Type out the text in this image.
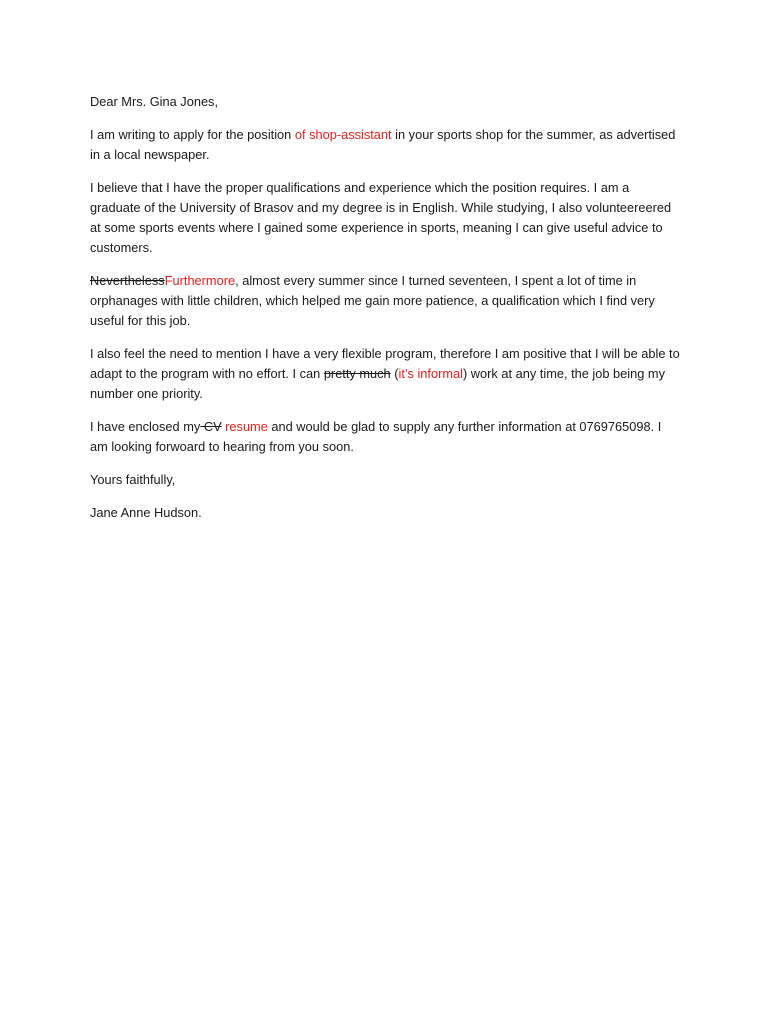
Dear Mrs. Gina Jones,

I am writing to apply for the position of shop-assistant in your sports shop for the summer, as advertised in a local newspaper.

I believe that I have the proper qualifications and experience which the position requires. I am a graduate of the University of Brasov and my degree is in English. While studying, I also volunteereered at some sports events where I gained some experience in sports, meaning I can give useful advice to customers.

NeverthelessFurthermore, almost every summer since I turned seventeen, I spent a lot of time in orphanages with little children, which helped me gain more patience, a qualification which I find very useful for this job.

I also feel the need to mention I have a very flexible program, therefore I am positive that I will be able to adapt to the program with no effort. I can pretty much (it’s informal) work at any time, the job being my number one priority.

I have enclosed my CV resume and would be glad to supply any further information at 0769765098. I am looking forwoard to hearing from you soon.

Yours faithfully,

Jane Anne Hudson.
